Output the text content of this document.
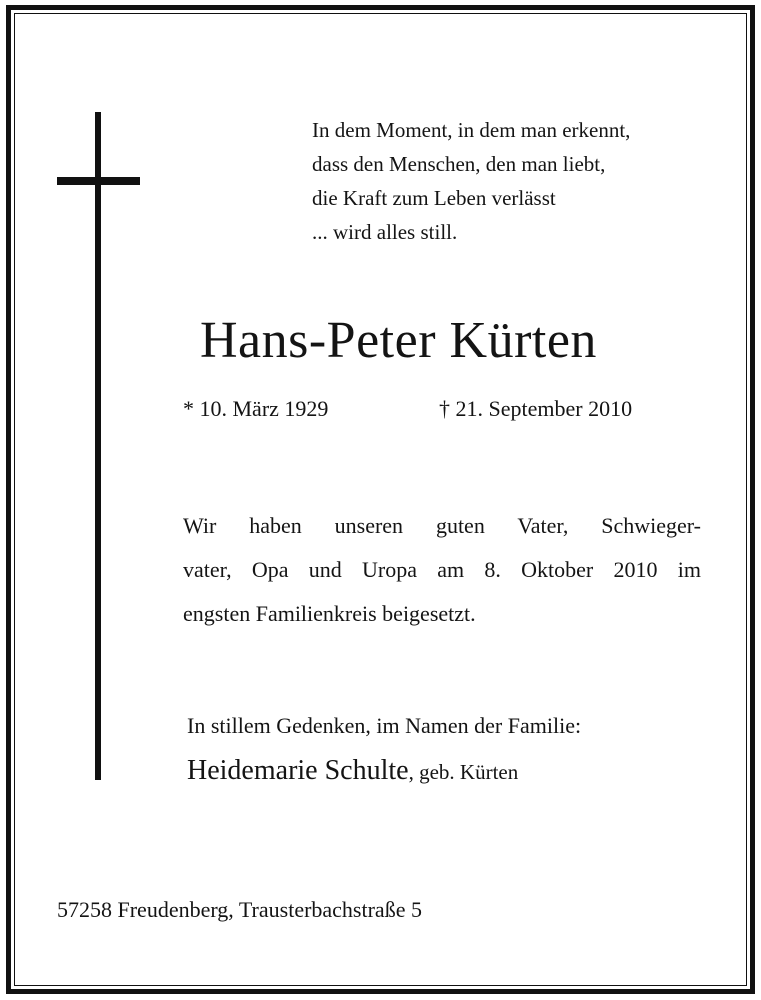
In dem Moment, in dem man erkennt,
dass den Menschen, den man liebt,
die Kraft zum Leben verlässt
... wird alles still.
Hans-Peter Kürten
* 10. März 1929	† 21. September 2010
Wir haben unseren guten Vater, Schwieger-
vater, Opa und Uropa am 8. Oktober 2010 im
engsten Familienkreis beigesetzt.
In stillem Gedenken, im Namen der Familie:
Heidemarie Schulte, geb. Kürten
57258 Freudenberg, Trausterbachstraße 5
